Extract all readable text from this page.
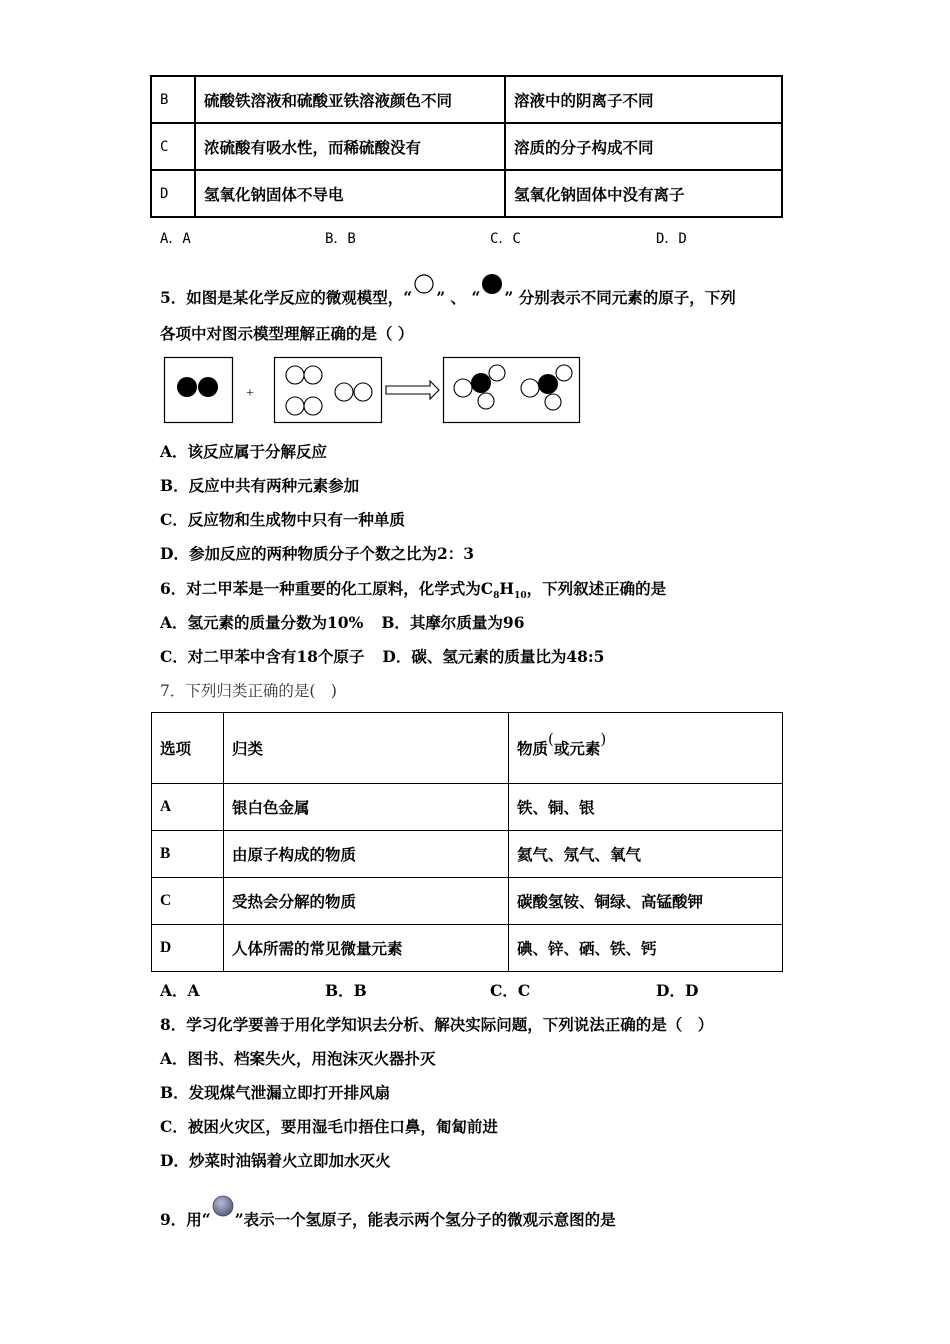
B	硫酸铁溶液和硫酸亚铁溶液颜色不同	溶液中的阴离子不同
C	浓硫酸有吸水性，而稀硫酸没有	溶质的分子构成不同
D	氢氧化钠固体不导电	氢氧化钠固体中没有离子
A．A	B．B	C．C	D．D
5．如图是某化学反应的微观模型，“ ” 、 “ ” 分别表示不同元素的原子，下列
各项中对图示模型理解正确的是（ ）
+
A．该反应属于分解反应
B．反应中共有两种元素参加
C．反应物和生成物中只有一种单质
D．参加反应的两种物质分子个数之比为2：3
6．对二甲苯是一种重要的化工原料，化学式为$C_8H_{10}$，下列叙述正确的是
A．氢元素的质量分数为10% B．其摩尔质量为96
C．对二甲苯中含有18个原子 D．碳、氢元素的质量比为48:5
7．下列归类正确的是(　)
选项	归类	物质(或元素)
A	银白色金属	铁、铜、银
B	由原子构成的物质	氦气、氖气、氧气
C	受热会分解的物质	碳酸氢铵、铜绿、高锰酸钾
D	人体所需的常见微量元素	碘、锌、硒、铁、钙
A．A	B．B	C．C	D．D
8．学习化学要善于用化学知识去分析、解决实际问题，下列说法正确的是（　）
A．图书、档案失火，用泡沫灭火器扑灭
B．发现煤气泄漏立即打开排风扇
C．被困火灾区，要用湿毛巾捂住口鼻，匍匐前进
D．炒菜时油锅着火立即加水灭火
9．用“ ”表示一个氢原子，能表示两个氢分子的微观示意图的是
